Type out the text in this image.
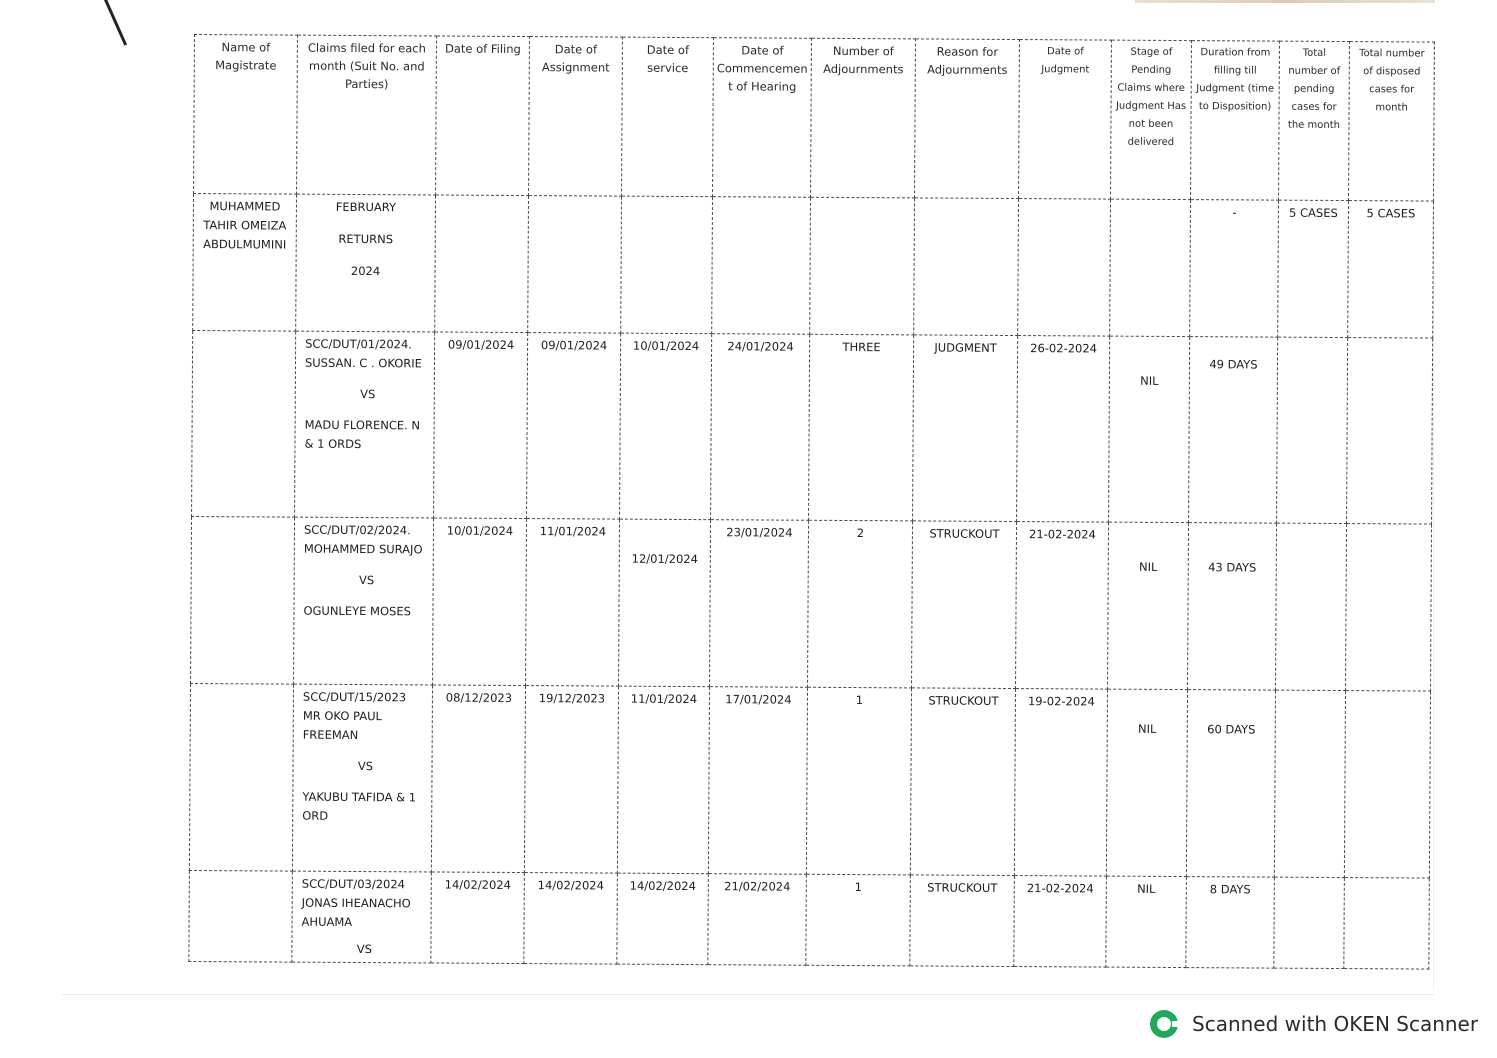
Name of Magistrate	Claims filed for each month (Suit No. and Parties)	Date of Filing	Date of Assignment	Date of service	Date of Commencement of Hearing	Number of Adjournments	Reason for Adjournments	Date of Judgment	Stage of Pending Claims where Judgment Has not been delivered	Duration from filling till Judgment (time to Disposition)	Total number of pending cases for the month	Total number of disposed cases for month
MUHAMMED TAHIR OMEIZA ABDULMUMINI	FEBRUARY
RETURNS
2024									-	5 CASES	5 CASES

	SCC/DUT/01/2024.
SUSSAN. C . OKORIE
VS
MADU FLORENCE. N & 1 ORDS	09/01/2024	09/01/2024	10/01/2024	24/01/2024	THREE	JUDGMENT	26-02-2024	NIL	49 DAYS		

	SCC/DUT/02/2024.
MOHAMMED SURAJO
VS
OGUNLEYE MOSES	10/01/2024	11/01/2024	12/01/2024	23/01/2024	2	STRUCKOUT	21-02-2024	NIL	43 DAYS		

	SCC/DUT/15/2023
MR OKO PAUL FREEMAN
VS
YAKUBU TAFIDA & 1 ORD	08/12/2023	19/12/2023	11/01/2024	17/01/2024	1	STRUCKOUT	19-02-2024	NIL	60 DAYS		

	SCC/DUT/03/2024
JONAS IHEANACHO AHUAMA
VS	14/02/2024	14/02/2024	14/02/2024	21/02/2024	1	STRUCKOUT	21-02-2024	NIL	8 DAYS		
Scanned with OKEN Scanner
